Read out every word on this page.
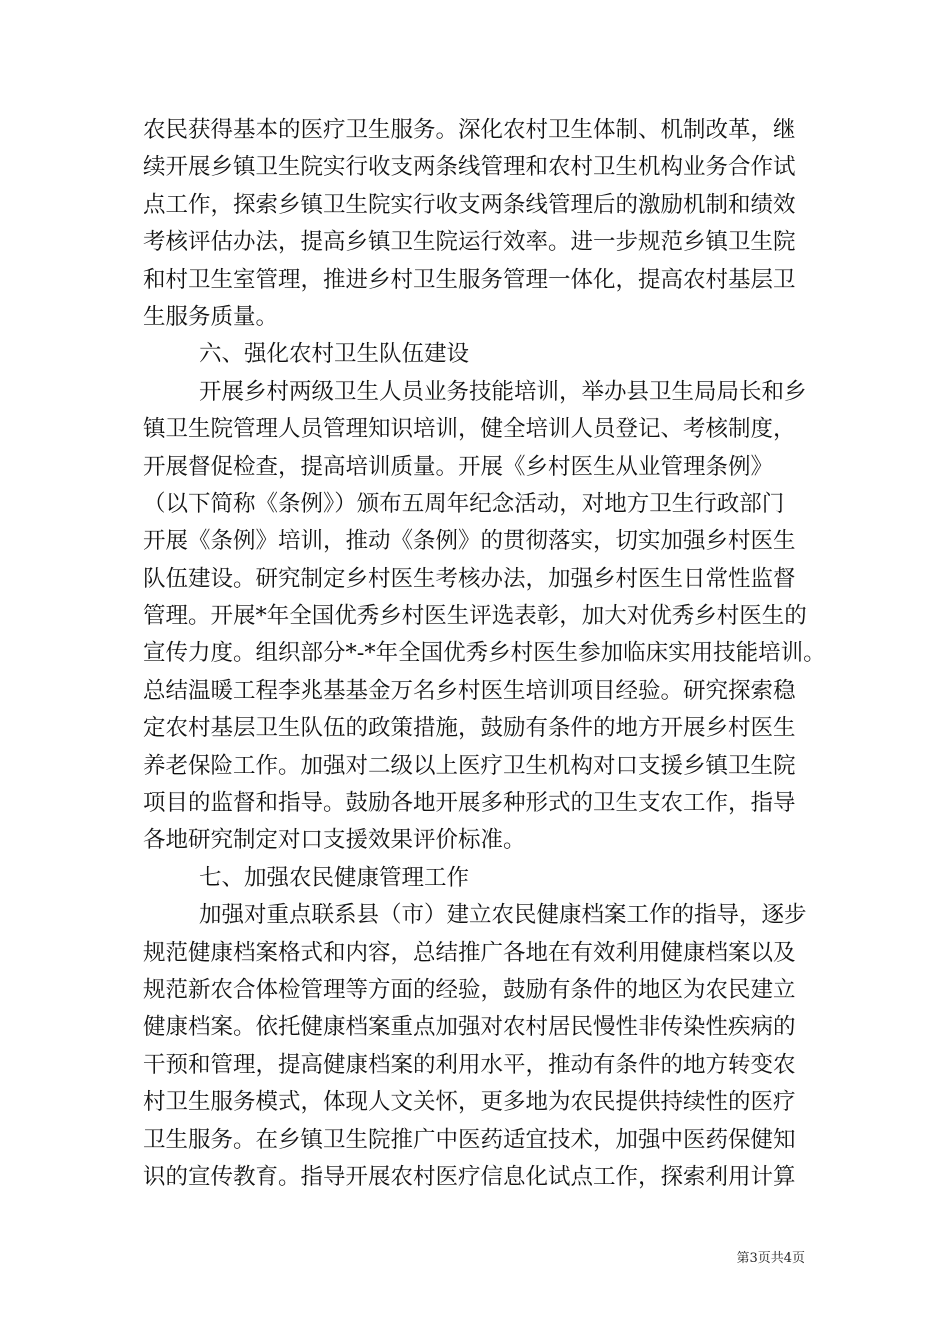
农民获得基本的医疗卫生服务。深化农村卫生体制、机制改革，继
续开展乡镇卫生院实行收支两条线管理和农村卫生机构业务合作试
点工作，探索乡镇卫生院实行收支两条线管理后的激励机制和绩效
考核评估办法，提高乡镇卫生院运行效率。进一步规范乡镇卫生院
和村卫生室管理，推进乡村卫生服务管理一体化，提高农村基层卫
生服务质量。
六、强化农村卫生队伍建设
开展乡村两级卫生人员业务技能培训，举办县卫生局局长和乡
镇卫生院管理人员管理知识培训，健全培训人员登记、考核制度，
开展督促检查，提高培训质量。开展《乡村医生从业管理条例》
（以下简称《条例》）颁布五周年纪念活动，对地方卫生行政部门
开展《条例》培训，推动《条例》的贯彻落实，切实加强乡村医生
队伍建设。研究制定乡村医生考核办法，加强乡村医生日常性监督
管理。开展*年全国优秀乡村医生评选表彰，加大对优秀乡村医生的
宣传力度。组织部分*-*年全国优秀乡村医生参加临床实用技能培训。
总结温暖工程李兆基基金万名乡村医生培训项目经验。研究探索稳
定农村基层卫生队伍的政策措施，鼓励有条件的地方开展乡村医生
养老保险工作。加强对二级以上医疗卫生机构对口支援乡镇卫生院
项目的监督和指导。鼓励各地开展多种形式的卫生支农工作，指导
各地研究制定对口支援效果评价标准。
七、加强农民健康管理工作
加强对重点联系县（市）建立农民健康档案工作的指导，逐步
规范健康档案格式和内容，总结推广各地在有效利用健康档案以及
规范新农合体检管理等方面的经验，鼓励有条件的地区为农民建立
健康档案。依托健康档案重点加强对农村居民慢性非传染性疾病的
干预和管理，提高健康档案的利用水平，推动有条件的地方转变农
村卫生服务模式，体现人文关怀，更多地为农民提供持续性的医疗
卫生服务。在乡镇卫生院推广中医药适宜技术，加强中医药保健知
识的宣传教育。指导开展农村医疗信息化试点工作，探索利用计算
第3页共4页
